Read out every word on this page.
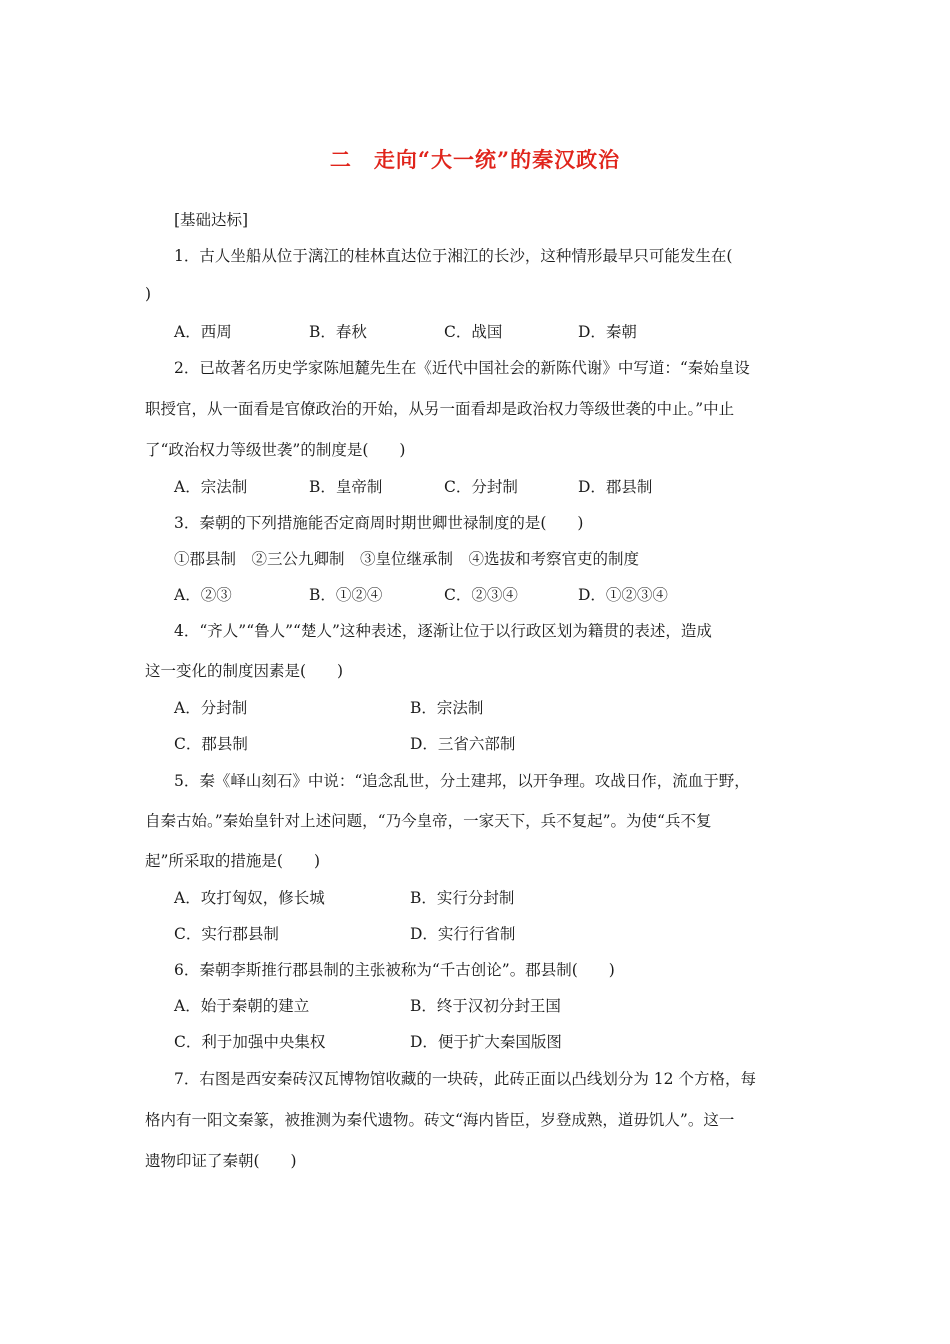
二　走向“大一统”的秦汉政治
[基础达标]
1．古人坐船从位于漓江的桂林直达位于湘江的长沙，这种情形最早只可能发生在(
)
A．西周	B．春秋	C．战国	D．秦朝
2．已故著名历史学家陈旭麓先生在《近代中国社会的新陈代谢》中写道：“秦始皇设
职授官，从一面看是官僚政治的开始，从另一面看却是政治权力等级世袭的中止。”中止
了“政治权力等级世袭”的制度是(　　)
A．宗法制	B．皇帝制	C．分封制	D．郡县制
3．秦朝的下列措施能否定商周时期世卿世禄制度的是(　　)
①郡县制　②三公九卿制　③皇位继承制　④选拔和考察官吏的制度
A．②③	B．①②④	C．②③④	D．①②③④
4．“齐人”“鲁人”“楚人”这种表述，逐渐让位于以行政区划为籍贯的表述，造成
这一变化的制度因素是(　　)
A．分封制	B．宗法制
C．郡县制	D．三省六部制
5．秦《峄山刻石》中说：“追念乱世，分土建邦，以开争理。攻战日作，流血于野，
自秦古始。”秦始皇针对上述问题，“乃今皇帝，一家天下，兵不复起”。为使“兵不复
起”所采取的措施是(　　)
A．攻打匈奴，修长城	B．实行分封制
C．实行郡县制	D．实行行省制
6．秦朝李斯推行郡县制的主张被称为“千古创论”。郡县制(　　)
A．始于秦朝的建立	B．终于汉初分封王国
C．利于加强中央集权	D．便于扩大秦国版图
7．右图是西安秦砖汉瓦博物馆收藏的一块砖，此砖正面以凸线划分为 12 个方格，每
格内有一阳文秦篆，被推测为秦代遗物。砖文“海内皆臣，岁登成熟，道毋饥人”。这一
遗物印证了秦朝(　　)
